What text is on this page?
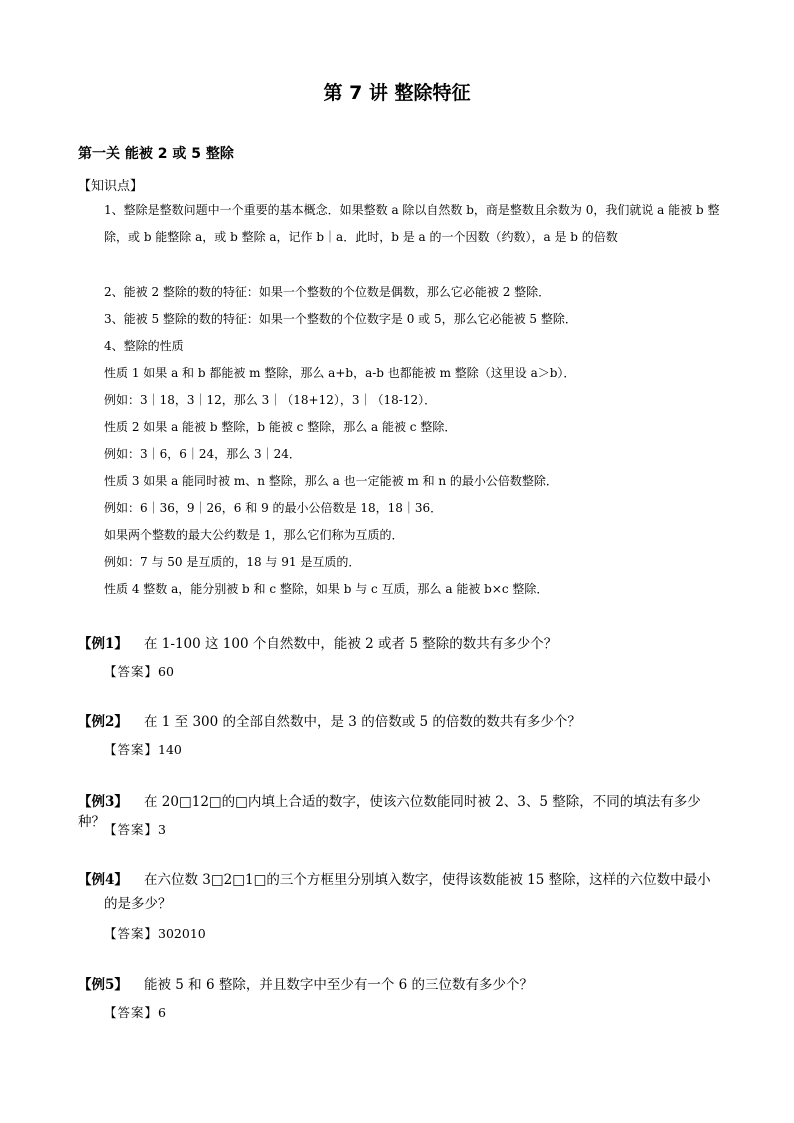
第 7 讲 整除特征
第一关 能被 2 或 5 整除
【知识点】
1、整除是整数问题中一个重要的基本概念．如果整数 a 除以自然数 b，商是整数且余数为 0，我们就说 a 能被 b 整除，或 b 能整除 a，或 b 整除 a，记作 b｜a．此时，b 是 a 的一个因数（约数），a 是 b 的倍数
2、能被 2 整除的数的特征：如果一个整数的个位数是偶数，那么它必能被 2 整除．
3、能被 5 整除的数的特征：如果一个整数的个位数字是 0 或 5，那么它必能被 5 整除．
4、整除的性质
性质 1 如果 a 和 b 都能被 m 整除，那么 a+b，a-b 也都能被 m 整除（这里设 a＞b）．
例如：3｜18，3｜12，那么 3｜（18+12），3｜（18-12）．
性质 2 如果 a 能被 b 整除，b 能被 c 整除，那么 a 能被 c 整除．
例如：3｜6，6｜24，那么 3｜24．
性质 3 如果 a 能同时被 m、n 整除，那么 a 也一定能被 m 和 n 的最小公倍数整除．
例如：6｜36，9｜26，6 和 9 的最小公倍数是 18，18｜36．
如果两个整数的最大公约数是 1，那么它们称为互质的．
例如：7 与 50 是互质的，18 与 91 是互质的．
性质 4 整数 a，能分别被 b 和 c 整除，如果 b 与 c 互质，那么 a 能被 b×c 整除．
【例1】 在 1-100 这 100 个自然数中，能被 2 或者 5 整除的数共有多少个？
【答案】60
【例2】 在 1 至 300 的全部自然数中，是 3 的倍数或 5 的倍数的数共有多少个？
【答案】140
【例3】 在 20□12□的□内填上合适的数字，使该六位数能同时被 2、3、5 整除，不同的填法有多少种？ 【答案】3
【例4】 在六位数 3□2□1□的三个方框里分别填入数字，使得该数能被 15 整除，这样的六位数中最小
的是多少？
【答案】302010
【例5】 能被 5 和 6 整除，并且数字中至少有一个 6 的三位数有多少个？
【答案】6
